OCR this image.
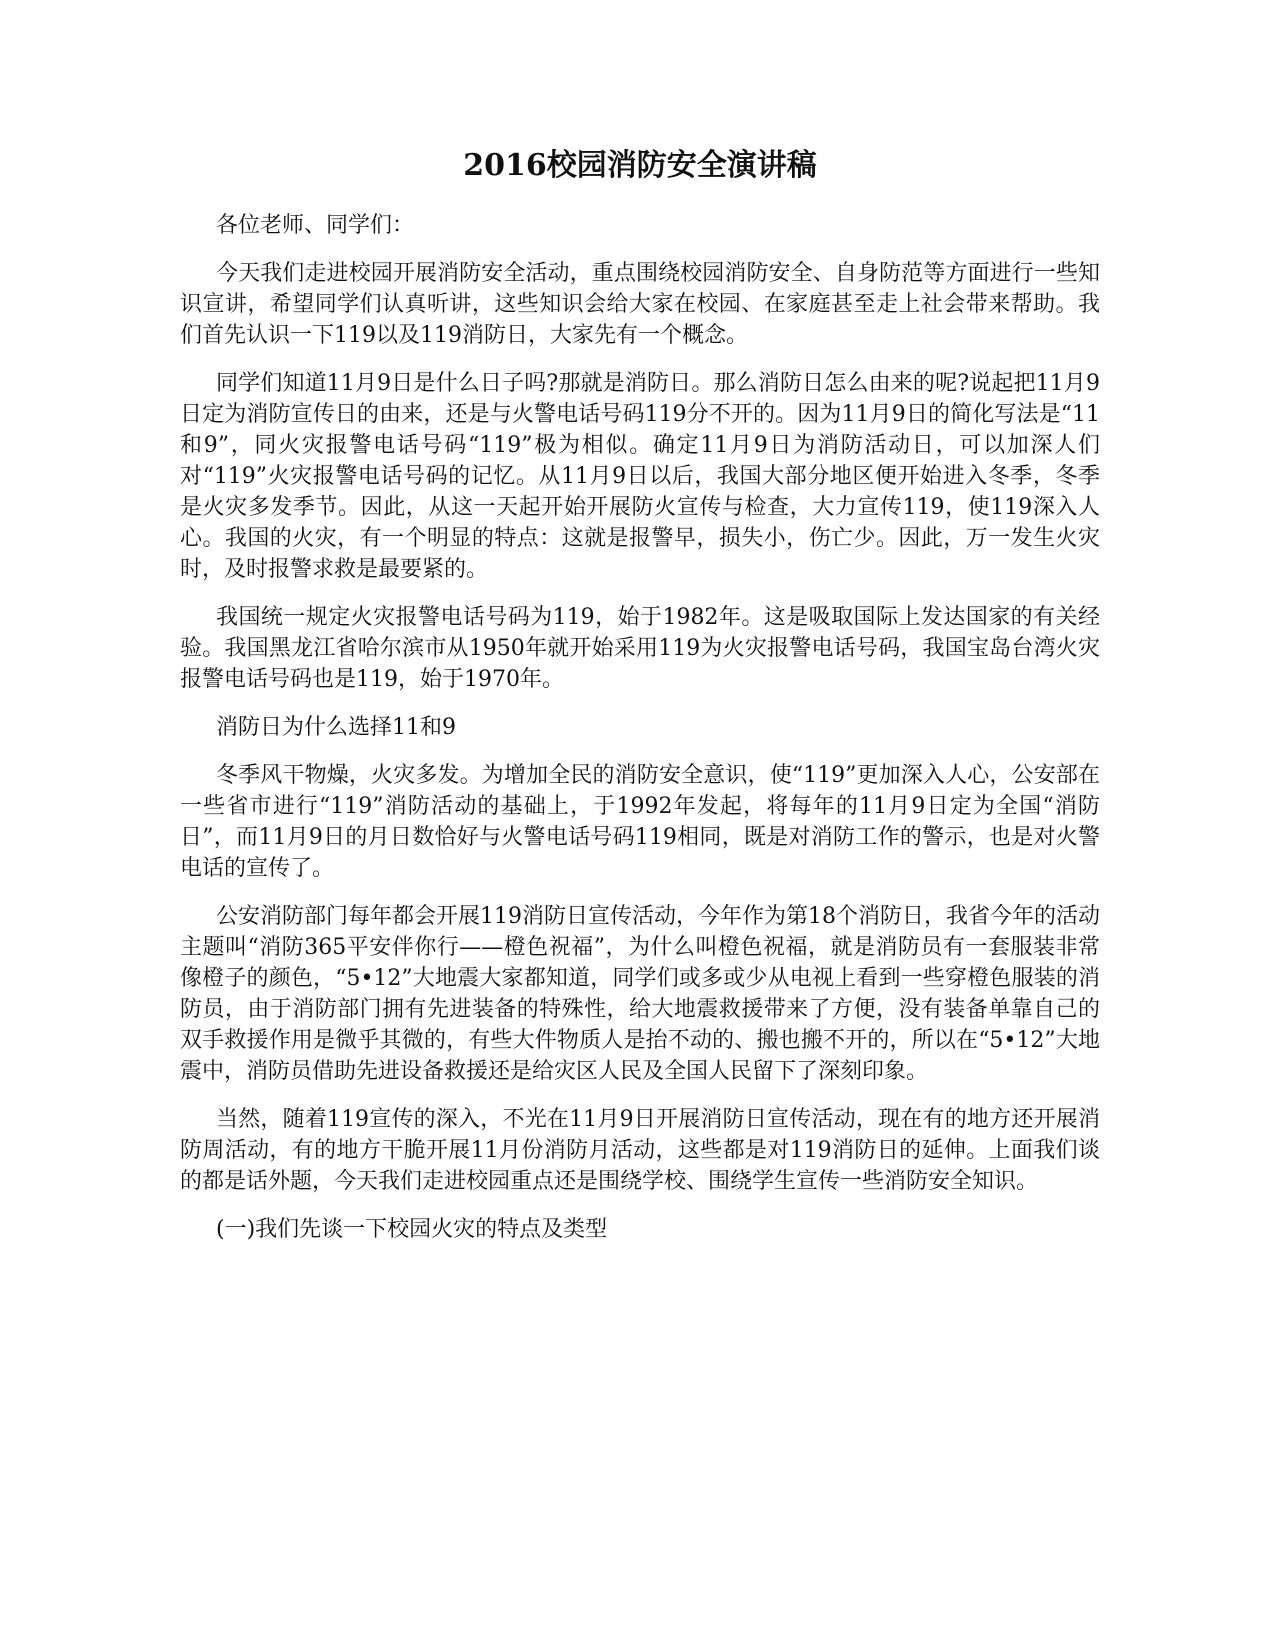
2016校园消防安全演讲稿

各位老师、同学们：

今天我们走进校园开展消防安全活动，重点围绕校园消防安全、自身防范等方面进行一些知识宣讲，希望同学们认真听讲，这些知识会给大家在校园、在家庭甚至走上社会带来帮助。我们首先认识一下119以及119消防日，大家先有一个概念。

同学们知道11月9日是什么日子吗?那就是消防日。那么消防日怎么由来的呢?说起把11月9日定为消防宣传日的由来，还是与火警电话号码119分不开的。因为11月9日的简化写法是“11和9”，同火灾报警电话号码“119”极为相似。确定11月9日为消防活动日，可以加深人们对“119”火灾报警电话号码的记忆。从11月9日以后，我国大部分地区便开始进入冬季，冬季是火灾多发季节。因此，从这一天起开始开展防火宣传与检查，大力宣传119，使119深入人心。我国的火灾，有一个明显的特点：这就是报警早，损失小，伤亡少。因此，万一发生火灾时，及时报警求救是最要紧的。

我国统一规定火灾报警电话号码为119，始于1982年。这是吸取国际上发达国家的有关经验。我国黑龙江省哈尔滨市从1950年就开始采用119为火灾报警电话号码，我国宝岛台湾火灾报警电话号码也是119，始于1970年。

消防日为什么选择11和9

冬季风干物燥，火灾多发。为增加全民的消防安全意识，使“119”更加深入人心，公安部在一些省市进行“119”消防活动的基础上，于1992年发起，将每年的11月9日定为全国“消防日”，而11月9日的月日数恰好与火警电话号码119相同，既是对消防工作的警示，也是对火警电话的宣传了。

公安消防部门每年都会开展119消防日宣传活动，今年作为第18个消防日，我省今年的活动主题叫“消防365平安伴你行——橙色祝福”，为什么叫橙色祝福，就是消防员有一套服装非常像橙子的颜色，“5•12”大地震大家都知道，同学们或多或少从电视上看到一些穿橙色服装的消防员，由于消防部门拥有先进装备的特殊性，给大地震救援带来了方便，没有装备单靠自己的双手救援作用是微乎其微的，有些大件物质人是抬不动的、搬也搬不开的，所以在“5•12”大地震中，消防员借助先进设备救援还是给灾区人民及全国人民留下了深刻印象。

当然，随着119宣传的深入，不光在11月9日开展消防日宣传活动，现在有的地方还开展消防周活动，有的地方干脆开展11月份消防月活动，这些都是对119消防日的延伸。上面我们谈的都是话外题，今天我们走进校园重点还是围绕学校、围绕学生宣传一些消防安全知识。

(一)我们先谈一下校园火灾的特点及类型
